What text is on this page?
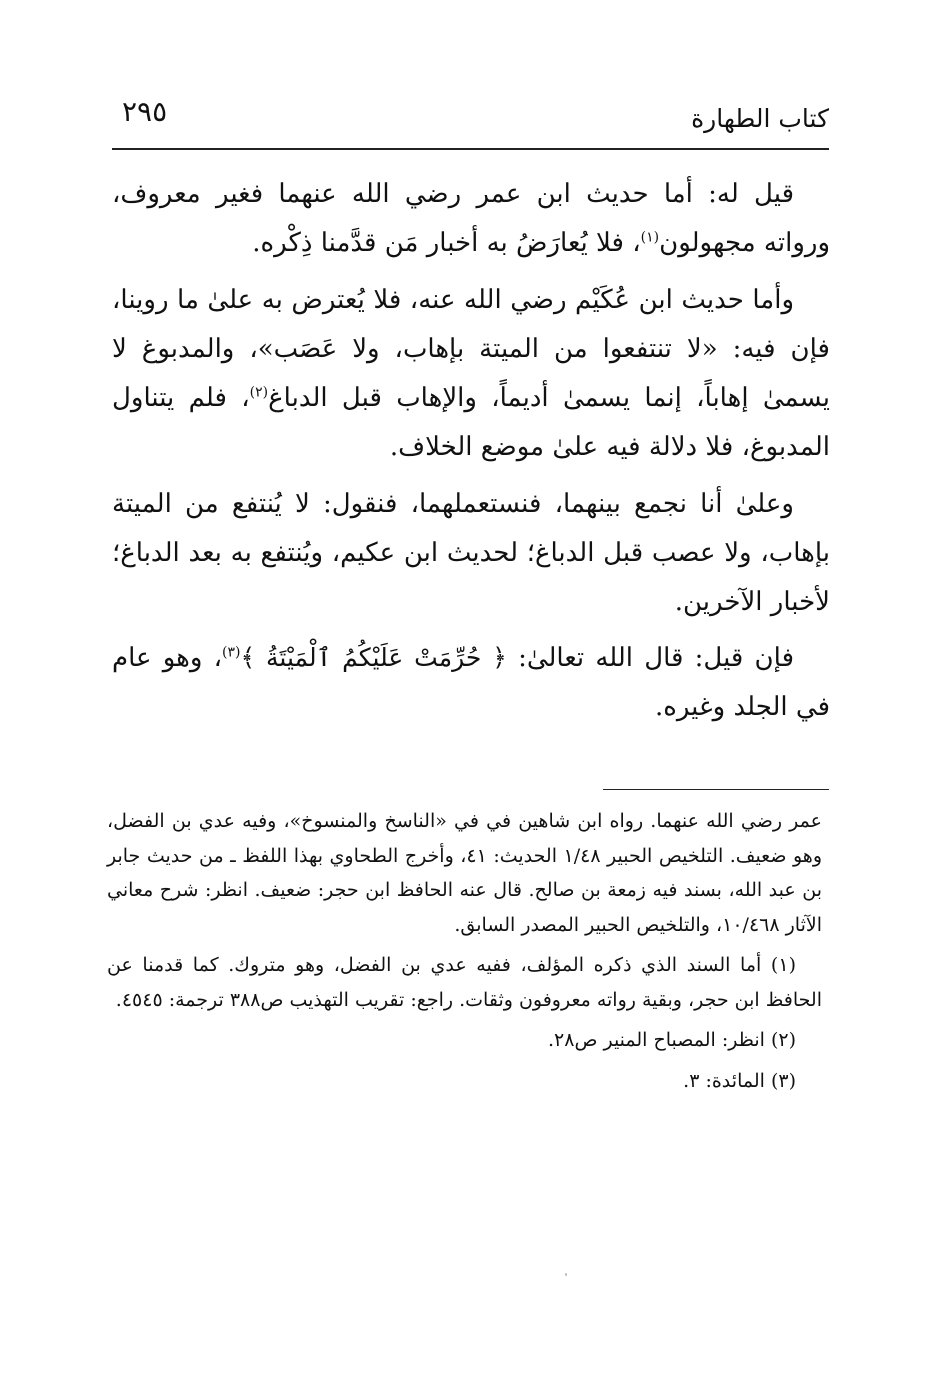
كتاب الطهارة
٢٩٥

قيل له: أما حديث ابن عمر رضي الله عنهما فغير معروف، ورواته مجهولون$^{(١)}$، فلا يُعارَضُ به أخبار مَن قدَّمنا ذِكْره.

وأما حديث ابن عُكَيْم رضي الله عنه، فلا يُعترض به علىٰ ما روينا، فإن فيه: «لا تنتفعوا من الميتة بإهاب، ولا عَصَب»، والمدبوغ لا يسمىٰ إهاباً، إنما يسمىٰ أديماً، والإهاب قبل الدباغ$^{(٢)}$، فلم يتناول المدبوغ، فلا دلالة فيه علىٰ موضع الخلاف.

وعلىٰ أنا نجمع بينهما، فنستعملهما، فنقول: لا يُنتفع من الميتة بإهاب، ولا عصب قبل الدباغ؛ لحديث ابن عكيم، ويُنتفع به بعد الدباغ؛ لأخبار الآخرين.

فإن قيل: قال الله تعالىٰ: ﴿ حُرِّمَتْ عَلَيْكُمُ ٱلْمَيْتَةُ ﴾$^{(٣)}$، وهو عام في الجلد وغيره.

عمر رضي الله عنهما. رواه ابن شاهين في في «الناسخ والمنسوخ»، وفيه عدي بن الفضل، وهو ضعيف. التلخيص الحبير ١/٤٨ الحديث: ٤١، وأخرج الطحاوي بهذا اللفظ ـ من حديث جابر بن عبد الله، بسند فيه زمعة بن صالح. قال عنه الحافظ ابن حجر: ضعيف. انظر: شرح معاني الآثار ١٠/٤٦٨، والتلخيص الحبير المصدر السابق.

(١) أما السند الذي ذكره المؤلف، ففيه عدي بن الفضل، وهو متروك. كما قدمنا عن الحافظ ابن حجر، وبقية رواته معروفون وثقات. راجع: تقريب التهذيب ص٣٨٨ ترجمة: ٤٥٤٥.

(٢) انظر: المصباح المنير ص٢٨.

(٣) المائدة: ٣.
